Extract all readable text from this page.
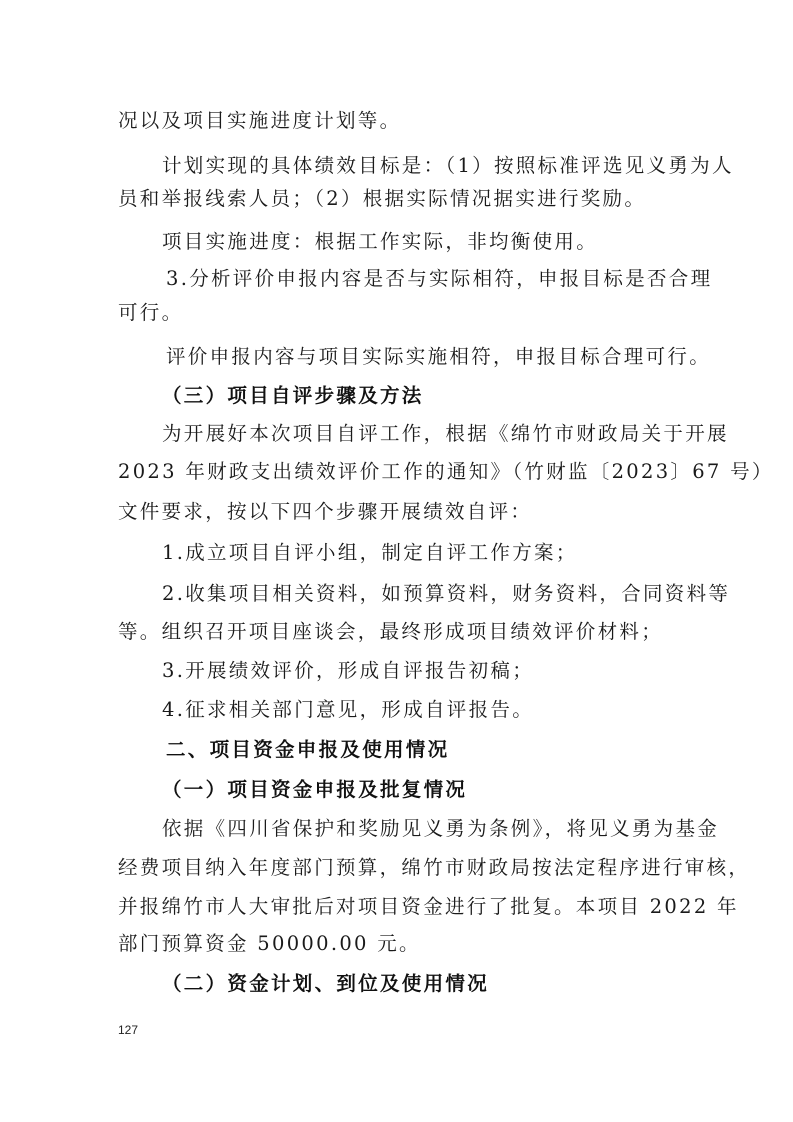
况以及项目实施进度计划等。
计划实现的具体绩效目标是：（1）按照标准评选见义勇为人
员和举报线索人员；（2）根据实际情况据实进行奖励。
项目实施进度：根据工作实际，非均衡使用。
3.分析评价申报内容是否与实际相符，申报目标是否合理
可行。
评价申报内容与项目实际实施相符，申报目标合理可行。
（三）项目自评步骤及方法
为开展好本次项目自评工作，根据《绵竹市财政局关于开展
2023 年财政支出绩效评价工作的通知》（竹财监〔2023〕67 号）
文件要求，按以下四个步骤开展绩效自评：
1.成立项目自评小组，制定自评工作方案；
2.收集项目相关资料，如预算资料，财务资料，合同资料等
等。组织召开项目座谈会，最终形成项目绩效评价材料；
3.开展绩效评价，形成自评报告初稿；
4.征求相关部门意见，形成自评报告。
二、项目资金申报及使用情况
（一）项目资金申报及批复情况
依据《四川省保护和奖励见义勇为条例》，将见义勇为基金
经费项目纳入年度部门预算，绵竹市财政局按法定程序进行审核，
并报绵竹市人大审批后对项目资金进行了批复。本项目 2022 年
部门预算资金 50000.00 元。
（二）资金计划、到位及使用情况
127
